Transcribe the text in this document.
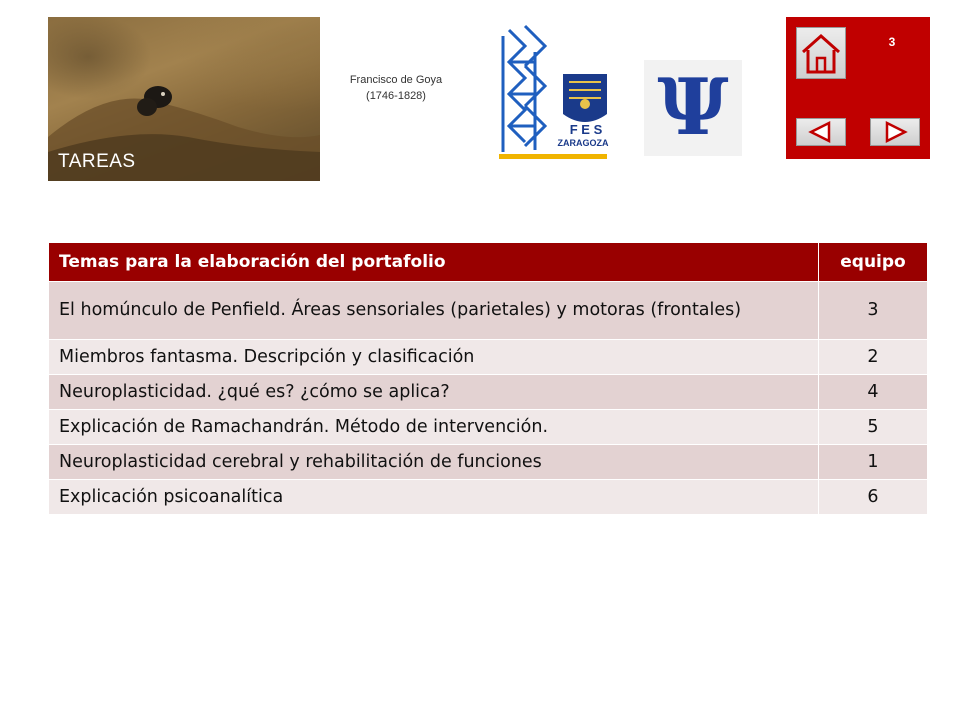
TAREAS
Francisco de Goya
(1746-1828)
F E S
ZARAGOZA Ψ
3
Temas para la elaboración del portafolio	equipo
El homúnculo de Penfield. Áreas sensoriales (parietales) y motoras (frontales)	3
Miembros fantasma. Descripción y clasificación	2
Neuroplasticidad. ¿qué es? ¿cómo se aplica?	4
Explicación de Ramachandrán. Método de intervención.	5
Neuroplasticidad cerebral y rehabilitación de funciones	1
Explicación psicoanalítica	6
